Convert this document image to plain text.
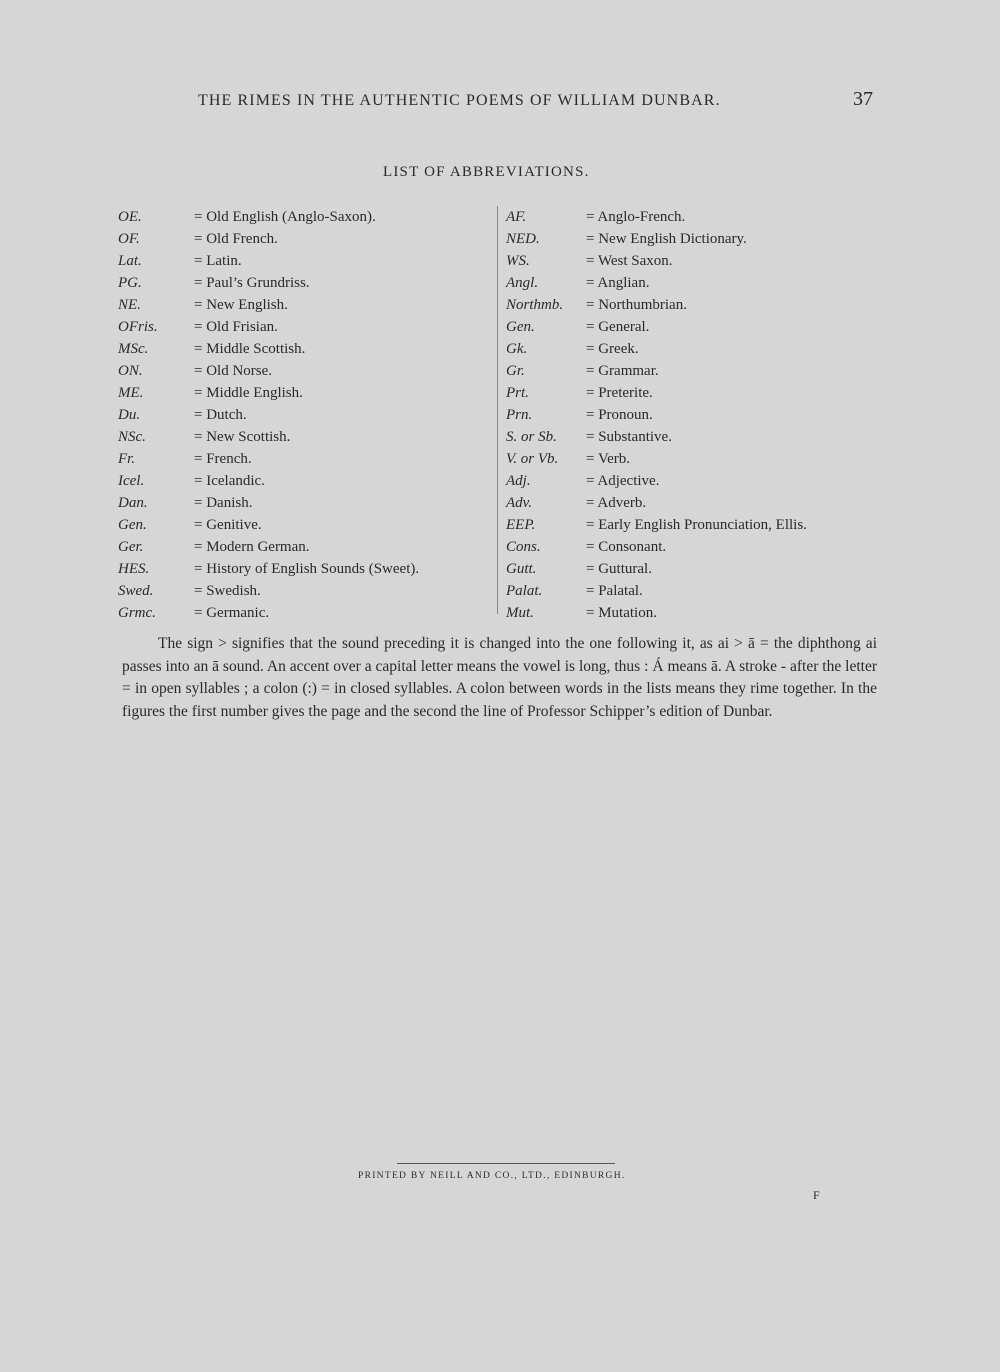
THE RIMES IN THE AUTHENTIC POEMS OF WILLIAM DUNBAR.	37
LIST OF ABBREVIATIONS.
OE.	= Old English (Anglo-Saxon).
OF.	= Old French.
Lat.	= Latin.
PG.	= Paul’s Grundriss.
NE.	= New English.
OFris.	= Old Frisian.
MSc.	= Middle Scottish.
ON.	= Old Norse.
ME.	= Middle English.
Du.	= Dutch.
NSc.	= New Scottish.
Fr.	= French.
Icel.	= Icelandic.
Dan.	= Danish.
Gen.	= Genitive.
Ger.	= Modern German.
HES.	= History of English Sounds (Sweet).
Swed.	= Swedish.
Grmc.	= Germanic.
AF.	= Anglo-French.
NED.	= New English Dictionary.
WS.	= West Saxon.
Angl.	= Anglian.
Northmb.	= Northumbrian.
Gen.	= General.
Gk.	= Greek.
Gr.	= Grammar.
Prt.	= Preterite.
Prn.	= Pronoun.
S. or Sb.	= Substantive.
V. or Vb.	= Verb.
Adj.	= Adjective.
Adv.	= Adverb.
EEP.	= Early English Pronunciation, Ellis.
Cons.	= Consonant.
Gutt.	= Guttural.
Palat.	= Palatal.
Mut.	= Mutation.

The sign > signifies that the sound preceding it is changed into the one following it, as ai > ā = the diphthong ai passes into an ā sound. An accent over a capital letter means the vowel is long, thus : Á means ā. A stroke - after the letter = in open syllables ; a colon (:) = in closed syllables. A colon between words in the lists means they rime together. In the figures the first number gives the page and the second the line of Professor Schipper’s edition of Dunbar.

PRINTED BY NEILL AND CO., LTD., EDINBURGH.
F
